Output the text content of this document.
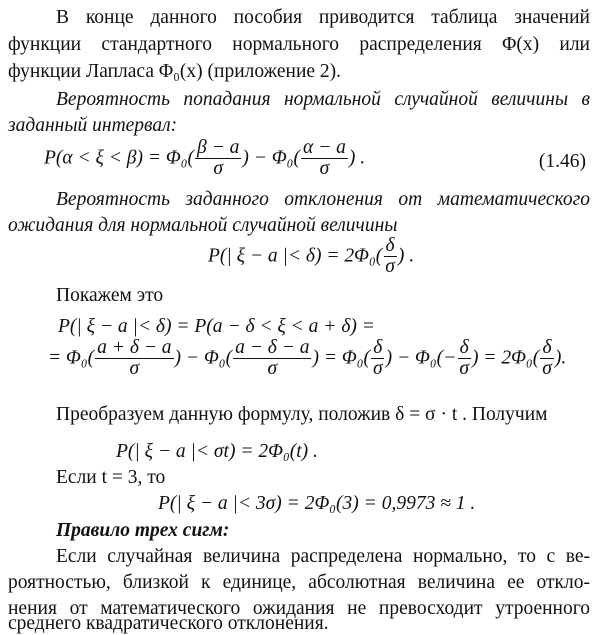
В конце данного пособия приводится таблица значений
функции стандартного нормального распределения Φ(x) или
функции Лапласа Φ₀(x) (приложение 2).
Вероятность попадания нормальной случайной величины в
заданный интервал:
$P(\alpha < \xi < \beta) = \Phi_0( \frac{\beta - a}{\sigma}$ ) − $\Phi_0( \frac{\alpha - a}{\sigma}$ ) .	(1.46)
Вероятность заданного отклонения от математического
ожидания для нормальной случайной величины
P(| ξ − a |< $\delta) = 2\Phi_0( \frac{\delta}{\sigma}$ ) .
Покажем это
P(| ξ − a |< δ) = P(a − δ < ξ < a + δ) =
= $\Phi_0( \frac{a + \delta - a}{\sigma}$ ) − $\Phi_0( \frac{a - \delta - a}{\sigma}$ ) = $\Phi_0( \frac{\delta}{\sigma}$ ) − $\Phi_0(- \frac{\delta}{\sigma}$ ) = $2\Phi_0( \frac{\delta}{\sigma}$ ).
Преобразуем данную формулу, положив δ = σ · t . Получим
P(| ξ − a |< σt) = 2Φ₀(t) .
Если t = 3, то
P(| ξ − a |< 3σ) = 2Φ₀(3) = 0,9973 ≈ 1 .
Правило трех сигм:
Если случайная величина распределена нормально, то с ве-
роятностью, близкой к единице, абсолютная величина ее откло-
нения от математического ожидания не превосходит утроенного
среднего квадратического отклонения.
